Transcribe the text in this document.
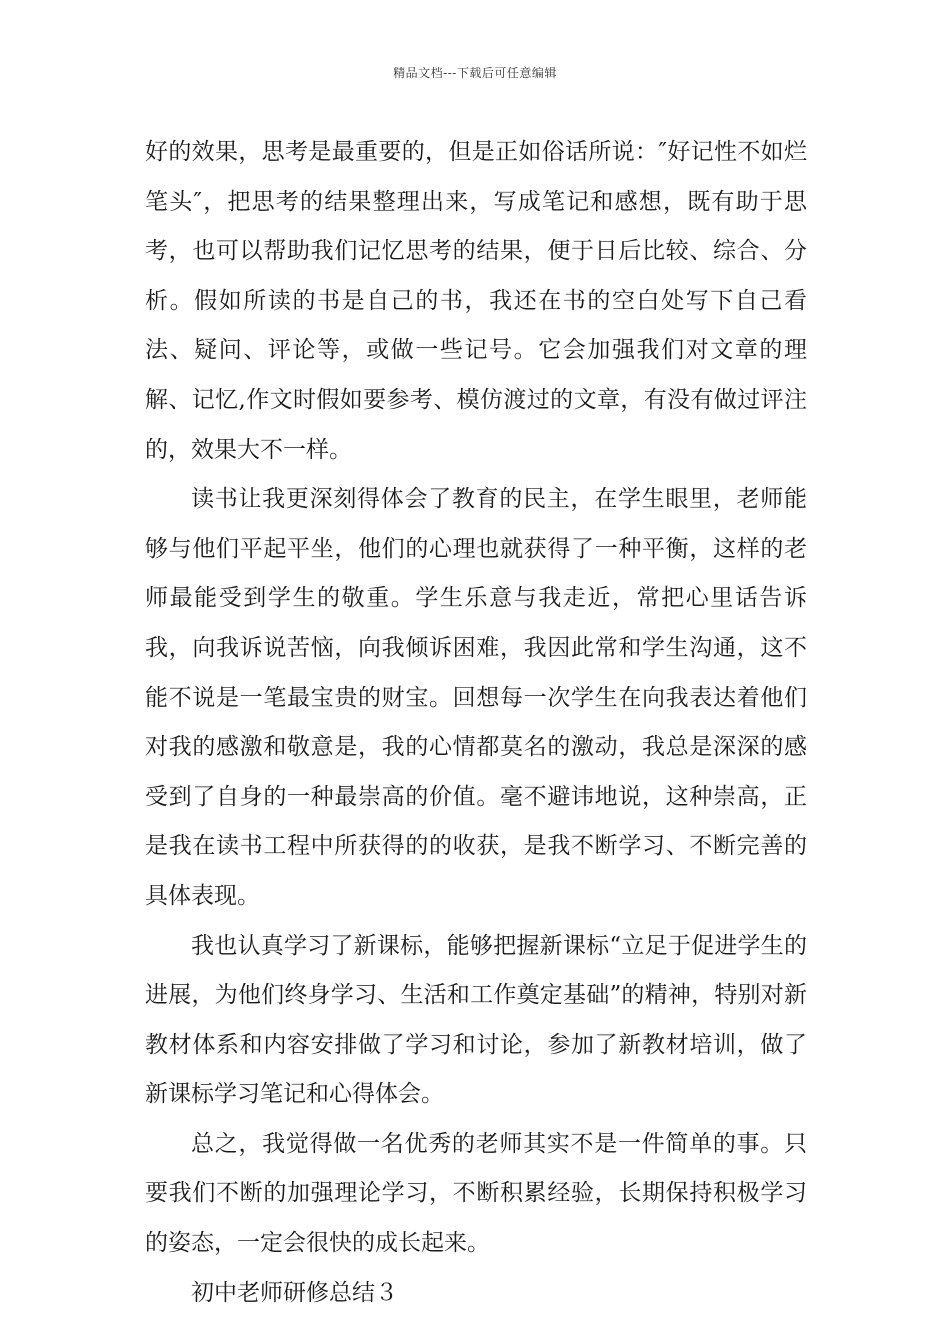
精品文档---下载后可任意编辑

好的效果，思考是最重要的，但是正如俗话所说：″好记性不如烂笔头″，把思考的结果整理出来，写成笔记和感想，既有助于思考，也可以帮助我们记忆思考的结果，便于日后比较、综合、分析。假如所读的书是自己的书，我还在书的空白处写下自己看法、疑问、评论等，或做一些记号。它会加强我们对文章的理解、记忆,作文时假如要参考、模仿渡过的文章，有没有做过评注的，效果大不一样。

读书让我更深刻得体会了教育的民主，在学生眼里，老师能够与他们平起平坐，他们的心理也就获得了一种平衡，这样的老师最能受到学生的敬重。学生乐意与我走近，常把心里话告诉我，向我诉说苦恼，向我倾诉困难，我因此常和学生沟通，这不能不说是一笔最宝贵的财宝。回想每一次学生在向我表达着他们对我的感激和敬意是，我的心情都莫名的激动，我总是深深的感受到了自身的一种最崇高的价值。毫不避讳地说，这种崇高，正是我在读书工程中所获得的的收获，是我不断学习、不断完善的具体表现。

我也认真学习了新课标，能够把握新课标“立足于促进学生的进展，为他们终身学习、生活和工作奠定基础”的精神，特别对新教材体系和内容安排做了学习和讨论，参加了新教材培训，做了新课标学习笔记和心得体会。

总之，我觉得做一名优秀的老师其实不是一件简单的事。只要我们不断的加强理论学习，不断积累经验，长期保持积极学习的姿态，一定会很快的成长起来。

初中老师研修总结３
